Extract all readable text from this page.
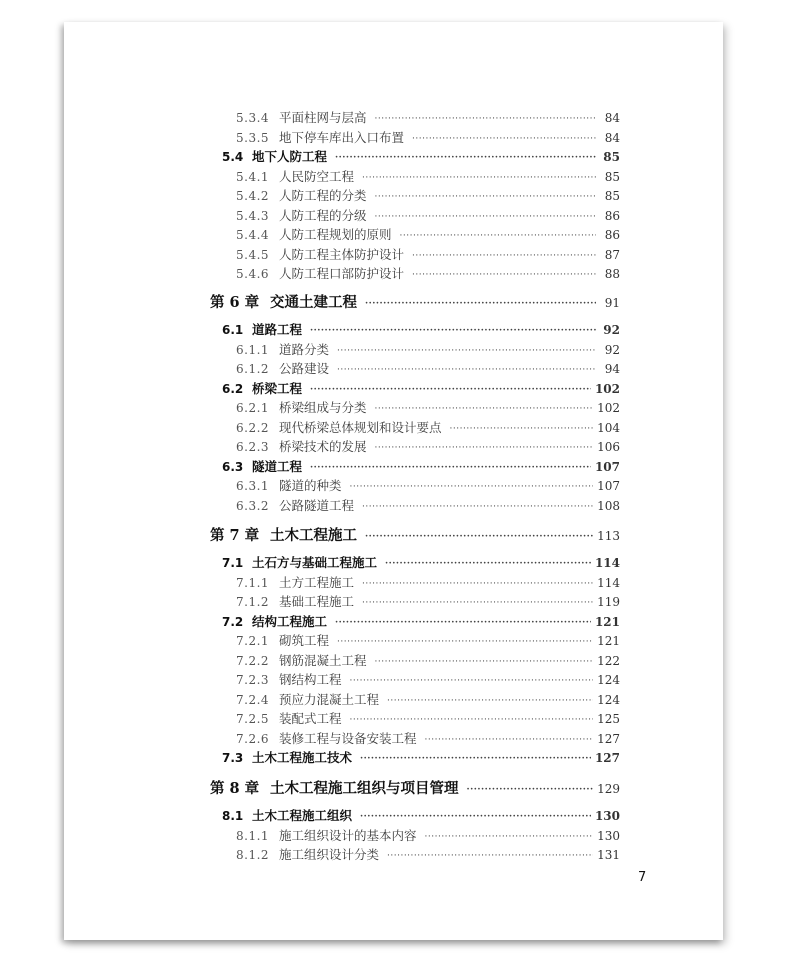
5.3.4 平面柱网与层高 ·····	84
5.3.5 地下停车库出入口布置 ·····	84
5.4 地下人防工程 ·····	85
5.4.1 人民防空工程 ·····	85
5.4.2 人防工程的分类 ·····	85
5.4.3 人防工程的分级 ·····	86
5.4.4 人防工程规划的原则 ·····	86
5.4.5 人防工程主体防护设计 ·····	87
5.4.6 人防工程口部防护设计 ·····	88
第 6 章 交通土建工程 ·····	91
6.1 道路工程 ·····	92
6.1.1 道路分类 ·····	92
6.1.2 公路建设 ·····	94
6.2 桥梁工程 ·····	102
6.2.1 桥梁组成与分类 ·····	102
6.2.2 现代桥梁总体规划和设计要点 ·····	104
6.2.3 桥梁技术的发展 ·····	106
6.3 隧道工程 ·····	107
6.3.1 隧道的种类 ·····	107
6.3.2 公路隧道工程 ·····	108
第 7 章 土木工程施工 ·····	113
7.1 土石方与基础工程施工 ·····	114
7.1.1 土方工程施工 ·····	114
7.1.2 基础工程施工 ·····	119
7.2 结构工程施工 ·····	121
7.2.1 砌筑工程 ·····	121
7.2.2 钢筋混凝土工程 ·····	122
7.2.3 钢结构工程 ·····	124
7.2.4 预应力混凝土工程 ·····	124
7.2.5 装配式工程 ·····	125
7.2.6 装修工程与设备安装工程 ·····	127
7.3 土木工程施工技术 ·····	127
第 8 章 土木工程施工组织与项目管理 ·····	129
8.1 土木工程施工组织 ·····	130
8.1.1 施工组织设计的基本内容 ·····	130
8.1.2 施工组织设计分类 ·····	131
7
